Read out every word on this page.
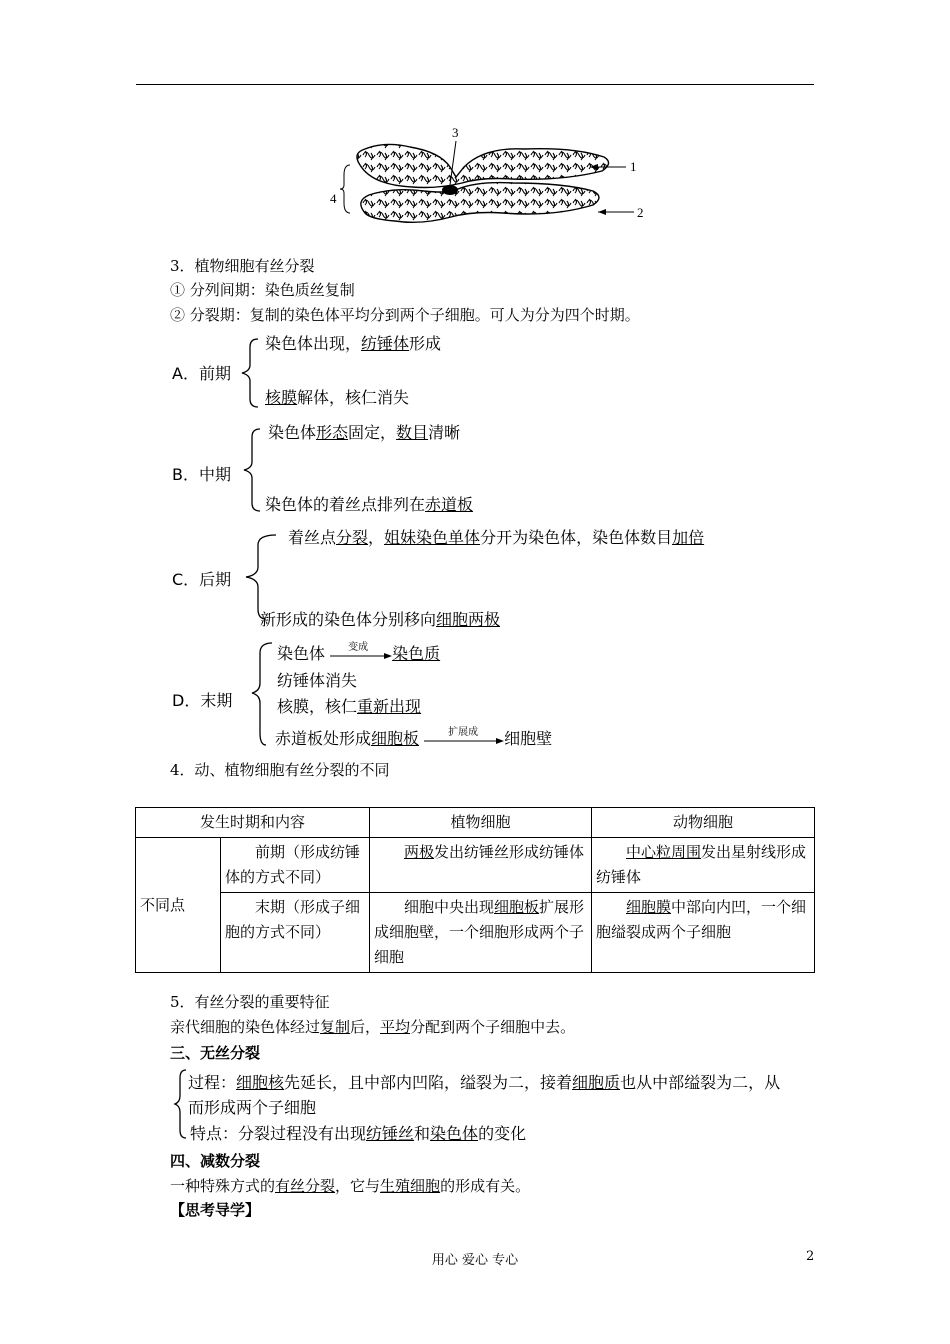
3
1
2
4
3．植物细胞有丝分裂
① 分列间期：染色质丝复制
② 分裂期：复制的染色体平均分到两个子细胞。可人为分为四个时期。
A．前期
染色体出现，纺锤体形成
核膜解体，核仁消失
B．中期
染色体形态固定，数目清晰
染色体的着丝点排列在赤道板
C．后期
着丝点分裂，姐妹染色单体分开为染色体，染色体数目加倍
新形成的染色体分别移向细胞两极
D．末期
染色体 变成 染色质
纺锤体消失
核膜，核仁重新出现
赤道板处形成细胞板	扩展成 细胞壁
4．动、植物细胞有丝分裂的不同
发生时期和内容		植物细胞	动物细胞
不同点	前期（形成纺锤体的方式不同）	两极发出纺锤丝形成纺锤体	中心粒周围发出星射线形成纺锤体
	末期（形成子细胞的方式不同）	细胞中央出现细胞板扩展形成细胞壁，一个细胞形成两个子细胞	细胞膜中部向内凹，一个细胞缢裂成两个子细胞
5．有丝分裂的重要特征
亲代细胞的染色体经过复制后，平均分配到两个子细胞中去。
三、无丝分裂
过程：细胞核先延长，且中部内凹陷，缢裂为二，接着细胞质也从中部缢裂为二，从
而形成两个子细胞
特点：分裂过程没有出现纺锤丝和染色体的变化
四、减数分裂
一种特殊方式的有丝分裂，它与生殖细胞的形成有关。
【思考导学】
用心 爱心 专心	2
